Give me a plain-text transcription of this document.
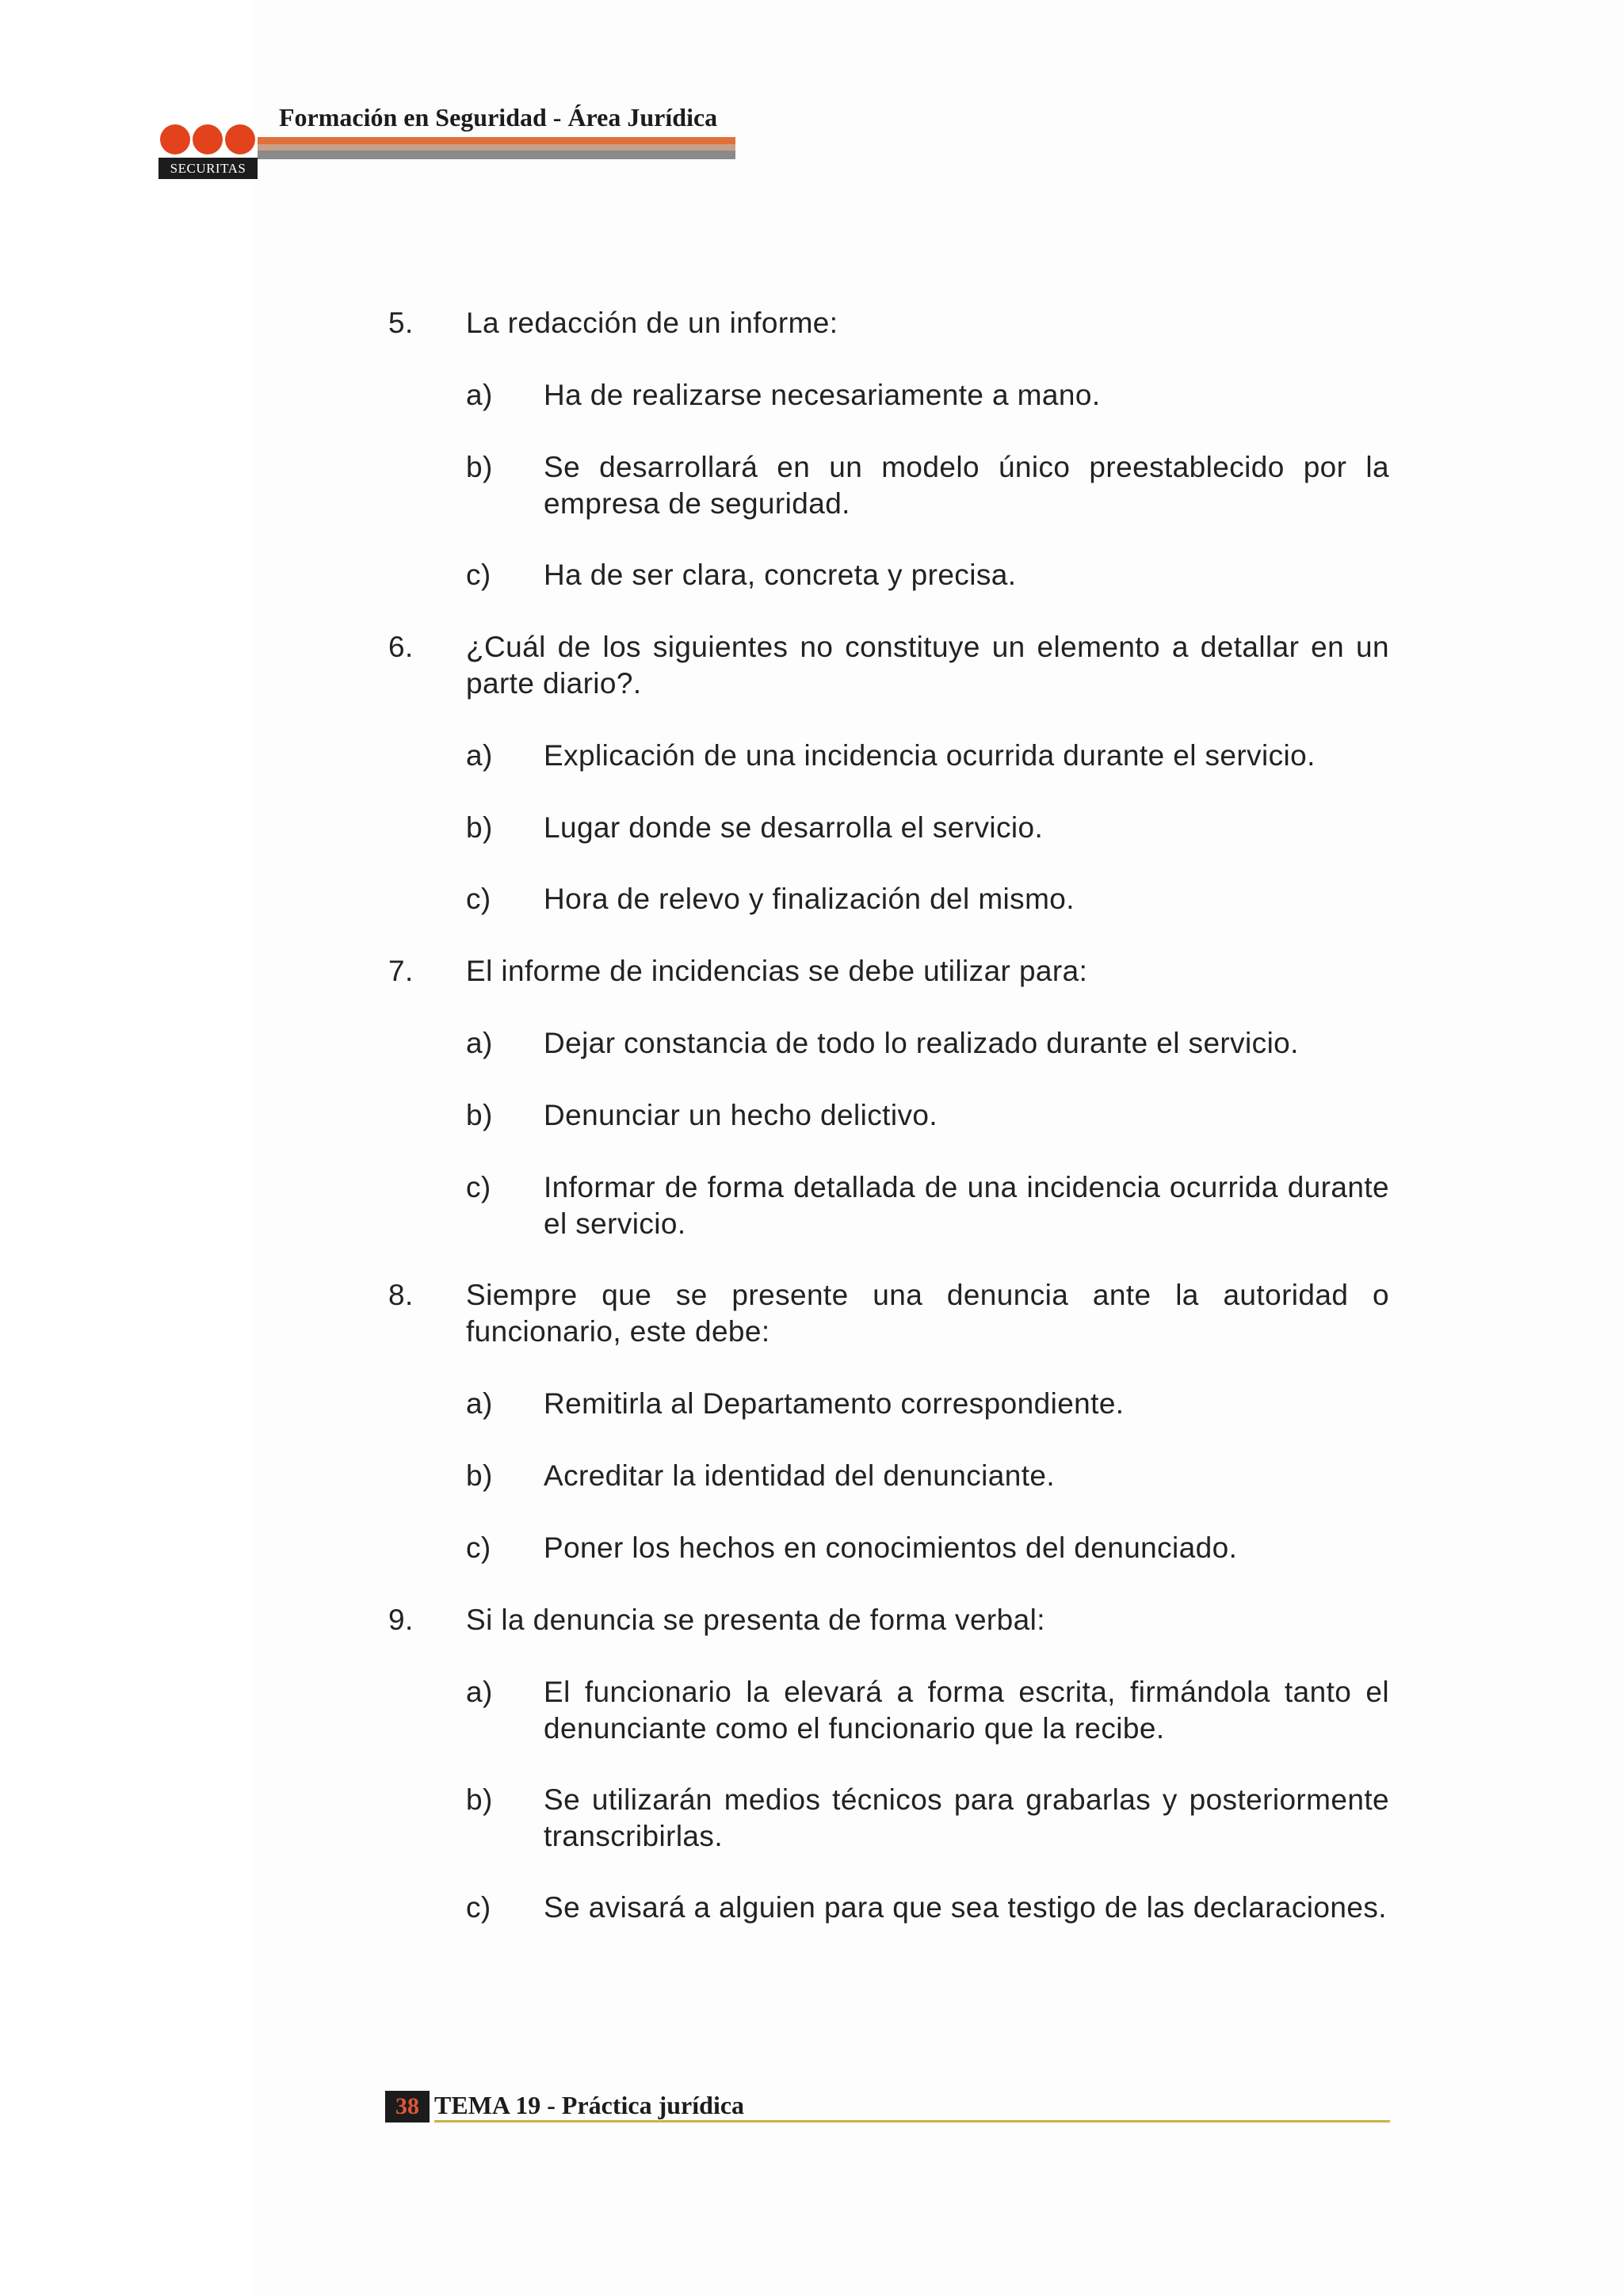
SECURITAS
Formación en Seguridad - Área Jurídica
5. La redacción de un informe:
a) Ha de realizarse necesariamente a mano.
b) Se desarrollará en un modelo único preestablecido por la empresa de seguridad.
c) Ha de ser clara, concreta y precisa.
6. ¿Cuál de los siguientes no constituye un elemento a detallar en un parte diario?.
a) Explicación de una incidencia ocurrida durante el servicio.
b) Lugar donde se desarrolla el servicio.
c) Hora de relevo y finalización del mismo.
7. El informe de incidencias se debe utilizar para:
a) Dejar constancia de todo lo realizado durante el servicio.
b) Denunciar un hecho delictivo.
c) Informar de forma detallada de una incidencia ocurrida durante el servicio.
8. Siempre que se presente una denuncia ante la autoridad o funcionario, este debe:
a) Remitirla al Departamento correspondiente.
b) Acreditar la identidad del denunciante.
c) Poner los hechos en conocimientos del denunciado.
9. Si la denuncia se presenta de forma verbal:
a) El funcionario la elevará a forma escrita, firmándola tanto el denunciante como el funcionario que la recibe.
b) Se utilizarán medios técnicos para grabarlas y posteriormente transcribirlas.
c) Se avisará a alguien para que sea testigo de las declaraciones.
38 TEMA 19 - Práctica jurídica
